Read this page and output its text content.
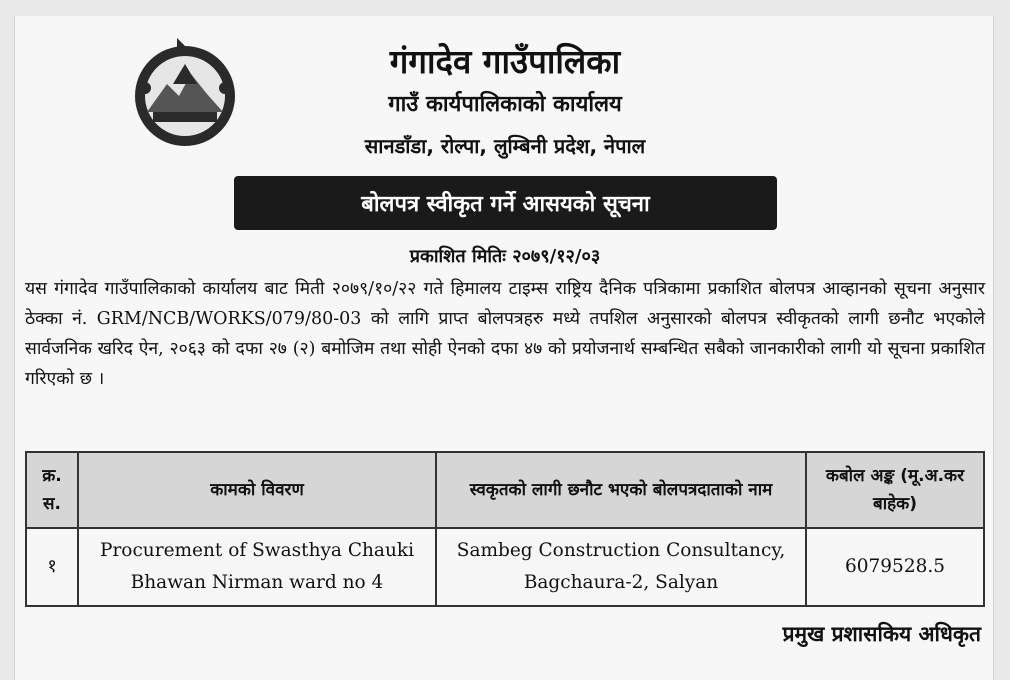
गंगादेव गाउँपालिका
गाउँ कार्यपालिकाको कार्यालय
सानडाँडा, रोल्पा, लुम्बिनी प्रदेश, नेपाल
बोलपत्र स्वीकृत गर्ने आसयको सूचना
प्रकाशित मितिः २०७९/१२/०३

यस गंगादेव गाउँपालिकाको कार्यालय बाट मिती २०७९/१०/२२ गते हिमालय टाइम्स राष्ट्रिय दैनिक पत्रिकामा प्रकाशित बोलपत्र आव्हानको सूचना अनुसार ठेक्का नं. GRM/NCB/WORKS/079/80-03 को लागि प्राप्त बोलपत्रहरु मध्ये तपशिल अनुसारको बोलपत्र स्वीकृतको लागी छनौट भएकोले सार्वजनिक खरिद ऐन, २०६३ को दफा २७ (२) बमोजिम तथा सोही ऐनको दफा ४७ को प्रयोजनार्थ सम्बन्धित सबैको जानकारीको लागी यो सूचना प्रकाशित गरिएको छ ।

क्र. स.	कामको विवरण	स्वकृतको लागी छनौट भएको बोलपत्रदाताको नाम	कबोल अङ्क (मू.अ.कर बाहेक)
१	Procurement of Swasthya Chauki Bhawan Nirman ward no 4	Sambeg Construction Consultancy, Bagchaura-2, Salyan	6079528.5
प्रमुख प्रशासकिय अधिकृत
